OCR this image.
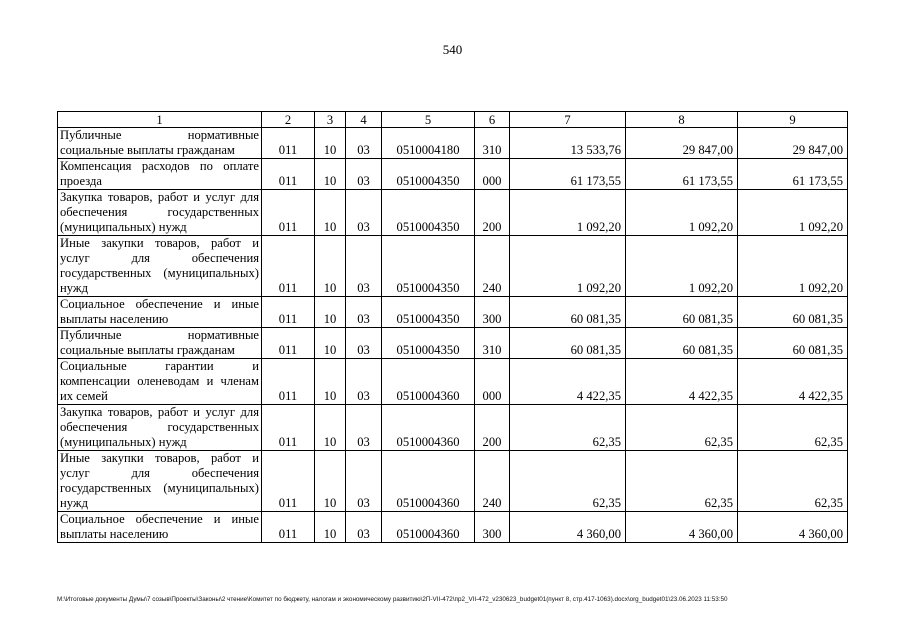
540
1	2	3	4	5	6	7	8	9
Публичные нормативные социальные выплаты гражданам	011	10	03	0510004180	310	13 533,76	29 847,00	29 847,00
Компенсация расходов по оплате проезда	011	10	03	0510004350	000	61 173,55	61 173,55	61 173,55
Закупка товаров, работ и услуг для обеспечения государственных (муниципальных) нужд	011	10	03	0510004350	200	1 092,20	1 092,20	1 092,20
Иные закупки товаров, работ и услуг для обеспечения государственных (муниципальных) нужд	011	10	03	0510004350	240	1 092,20	1 092,20	1 092,20
Социальное обеспечение и иные выплаты населению	011	10	03	0510004350	300	60 081,35	60 081,35	60 081,35
Публичные нормативные социальные выплаты гражданам	011	10	03	0510004350	310	60 081,35	60 081,35	60 081,35
Социальные гарантии и компенсации оленеводам и членам их семей	011	10	03	0510004360	000	4 422,35	4 422,35	4 422,35
Закупка товаров, работ и услуг для обеспечения государственных (муниципальных) нужд	011	10	03	0510004360	200	62,35	62,35	62,35
Иные закупки товаров, работ и услуг для обеспечения государственных (муниципальных) нужд	011	10	03	0510004360	240	62,35	62,35	62,35
Социальное обеспечение и иные выплаты населению	011	10	03	0510004360	300	4 360,00	4 360,00	4 360,00
М:\Итоговые документы Думы\7 созыв\Проекты\Законы\2 чтение\Комитет по бюджету, налогам и экономическому развитию\2П-VII-472\пр2_VII-472_v230623_budget01(пункт 8, стр.417-1063).docx\org_budget01\23.06.2023 11:53:50
